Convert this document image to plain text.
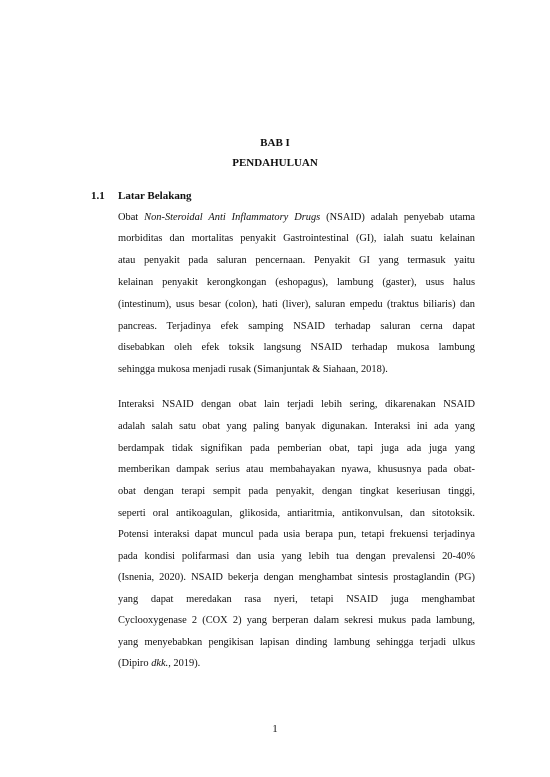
BAB I
PENDAHULUAN
1.1 Latar Belakang
Obat Non-Steroidal Anti Inflammatory Drugs (NSAID) adalah penyebab utama
morbiditas dan mortalitas penyakit Gastrointestinal (GI), ialah suatu kelainan
atau penyakit pada saluran pencernaan. Penyakit GI yang termasuk yaitu
kelainan penyakit kerongkongan (eshopagus), lambung (gaster), usus halus
(intestinum), usus besar (colon), hati (liver), saluran empedu (traktus biliaris) dan
pancreas. Terjadinya efek samping NSAID terhadap saluran cerna dapat
disebabkan oleh efek toksik langsung NSAID terhadap mukosa lambung
sehingga mukosa menjadi rusak (Simanjuntak & Siahaan, 2018).
Interaksi NSAID dengan obat lain terjadi lebih sering, dikarenakan NSAID
adalah salah satu obat yang paling banyak digunakan. Interaksi ini ada yang
berdampak tidak signifikan pada pemberian obat, tapi juga ada juga yang
memberikan dampak serius atau membahayakan nyawa, khususnya pada obat-
obat dengan terapi sempit pada penyakit, dengan tingkat keseriusan tinggi,
seperti oral antikoagulan, glikosida, antiaritmia, antikonvulsan, dan sitotoksik.
Potensi interaksi dapat muncul pada usia berapa pun, tetapi frekuensi terjadinya
pada kondisi polifarmasi dan usia yang lebih tua dengan prevalensi 20-40%
(Isnenia, 2020). NSAID bekerja dengan menghambat sintesis prostaglandin (PG)
yang dapat meredakan rasa nyeri, tetapi NSAID juga menghambat
Cyclooxygenase 2 (COX 2) yang berperan dalam sekresi mukus pada lambung,
yang menyebabkan pengikisan lapisan dinding lambung sehingga terjadi ulkus
(Dipiro dkk., 2019).
1
